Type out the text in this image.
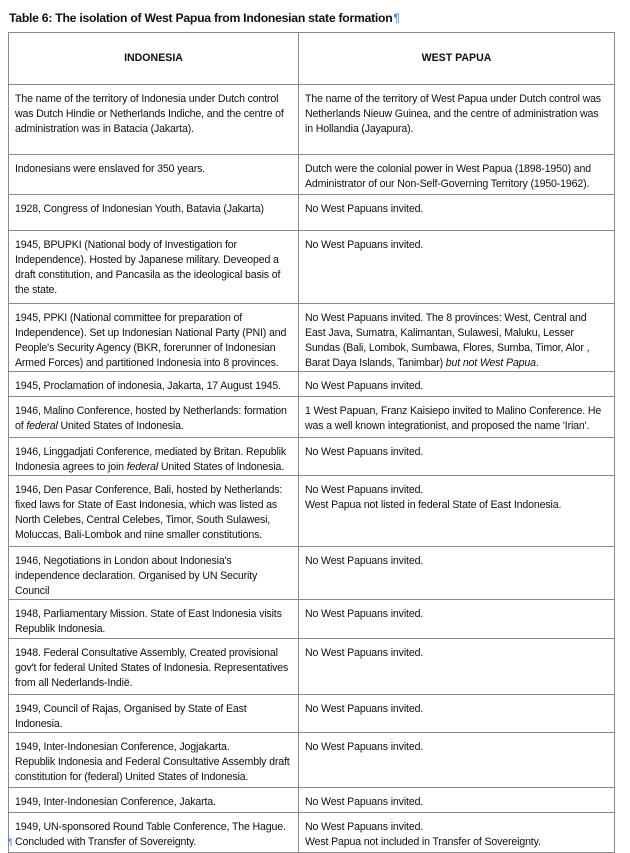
Table 6: The isolation of West Papua from Indonesian state formation¶
INDONESIA	WEST PAPUA

The name of the territory of Indonesia under Dutch control was Dutch Hindie or Netherlands Indiche, and the centre of administration was in Batacia (Jakarta).	The name of the territory of West Papua under Dutch control was Netherlands Nieuw Guinea, and the centre of administration was in Hollandia (Jayapura).

Indonesians were enslaved for 350 years.	Dutch were the colonial power in West Papua (1898-1950) and Administrator of our Non-Self-Governing Territory (1950-1962).

1928, Congress of Indonesian Youth, Batavia (Jakarta)	No West Papuans invited.

1945, BPUPKI (National body of Investigation for Independence). Hosted by Japanese military. Deveoped a draft constitution, and Pancasila as the ideological basis of the state.	No West Papuans invited.

1945, PPKI (National committee for preparation of Independence). Set up Indonesian National Party (PNI) and People's Security Agency (BKR, forerunner of Indonesian Armed Forces) and partitioned Indonesia into 8 provinces.
	No West Papuans invited. The 8 provinces: West, Central and East Java, Sumatra, Kalimantan, Sulawesi, Maluku, Lesser Sundas (Bali, Lombok, Sumbawa, Flores, Sumba, Timor, Alor , Barat Daya Islands, Tanimbar) but not West Papua.

1945, Proclamation of indonesia, Jakarta, 17 August 1945.	No West Papuans invited.

1946, Malino Conference, hosted by Netherlands: formation of federal United States of Indonesia.	1 West Papuan, Franz Kaisiepo invited to Malino Conference. He was a well known integrationist, and proposed the name 'Irian'.

1946, Linggadjati Conference, mediated by Britan. Republik Indonesia agrees to join federal United States of Indonesia.	No West Papuans invited.

1946, Den Pasar Conference, Bali, hosted by Netherlands: fixed laws for State of East Indonesia, which was listed as North Celebes, Central Celebes, Timor, South Sulawesi, Moluccas, Bali-Lombok and nine smaller constitutions.	No West Papuans invited.
West Papua not listed in federal State of East Indonesia.

1946, Negotiations in London about Indonesia's independence declaration. Organised by UN Security Council	No West Papuans invited.

1948, Parliamentary Mission. State of East Indonesia visits Republik Indonesia.	No West Papuans invited.

1948. Federal Consultative Assembly, Created provisional gov't for federal United States of Indonesia. Representatives from all Nederlands-Indië.	No West Papuans invited.

1949, Council of Rajas, Organised by State of East Indonesia.	No West Papuans invited.

1949, Inter-Indonesian Conference, Jogjakarta.
Republik Indonesia and Federal Consultative Assembly draft constitution for (federal) United States of Indonesia.	No West Papuans invited.

1949, Inter-Indonesian Conference, Jakarta.	No West Papuans invited.

1949, UN-sponsored Round Table Conference, The Hague.
Concluded with Transfer of Sovereignty.	No West Papuans invited.
West Papua not included in Transfer of Sovereignty.
¶
